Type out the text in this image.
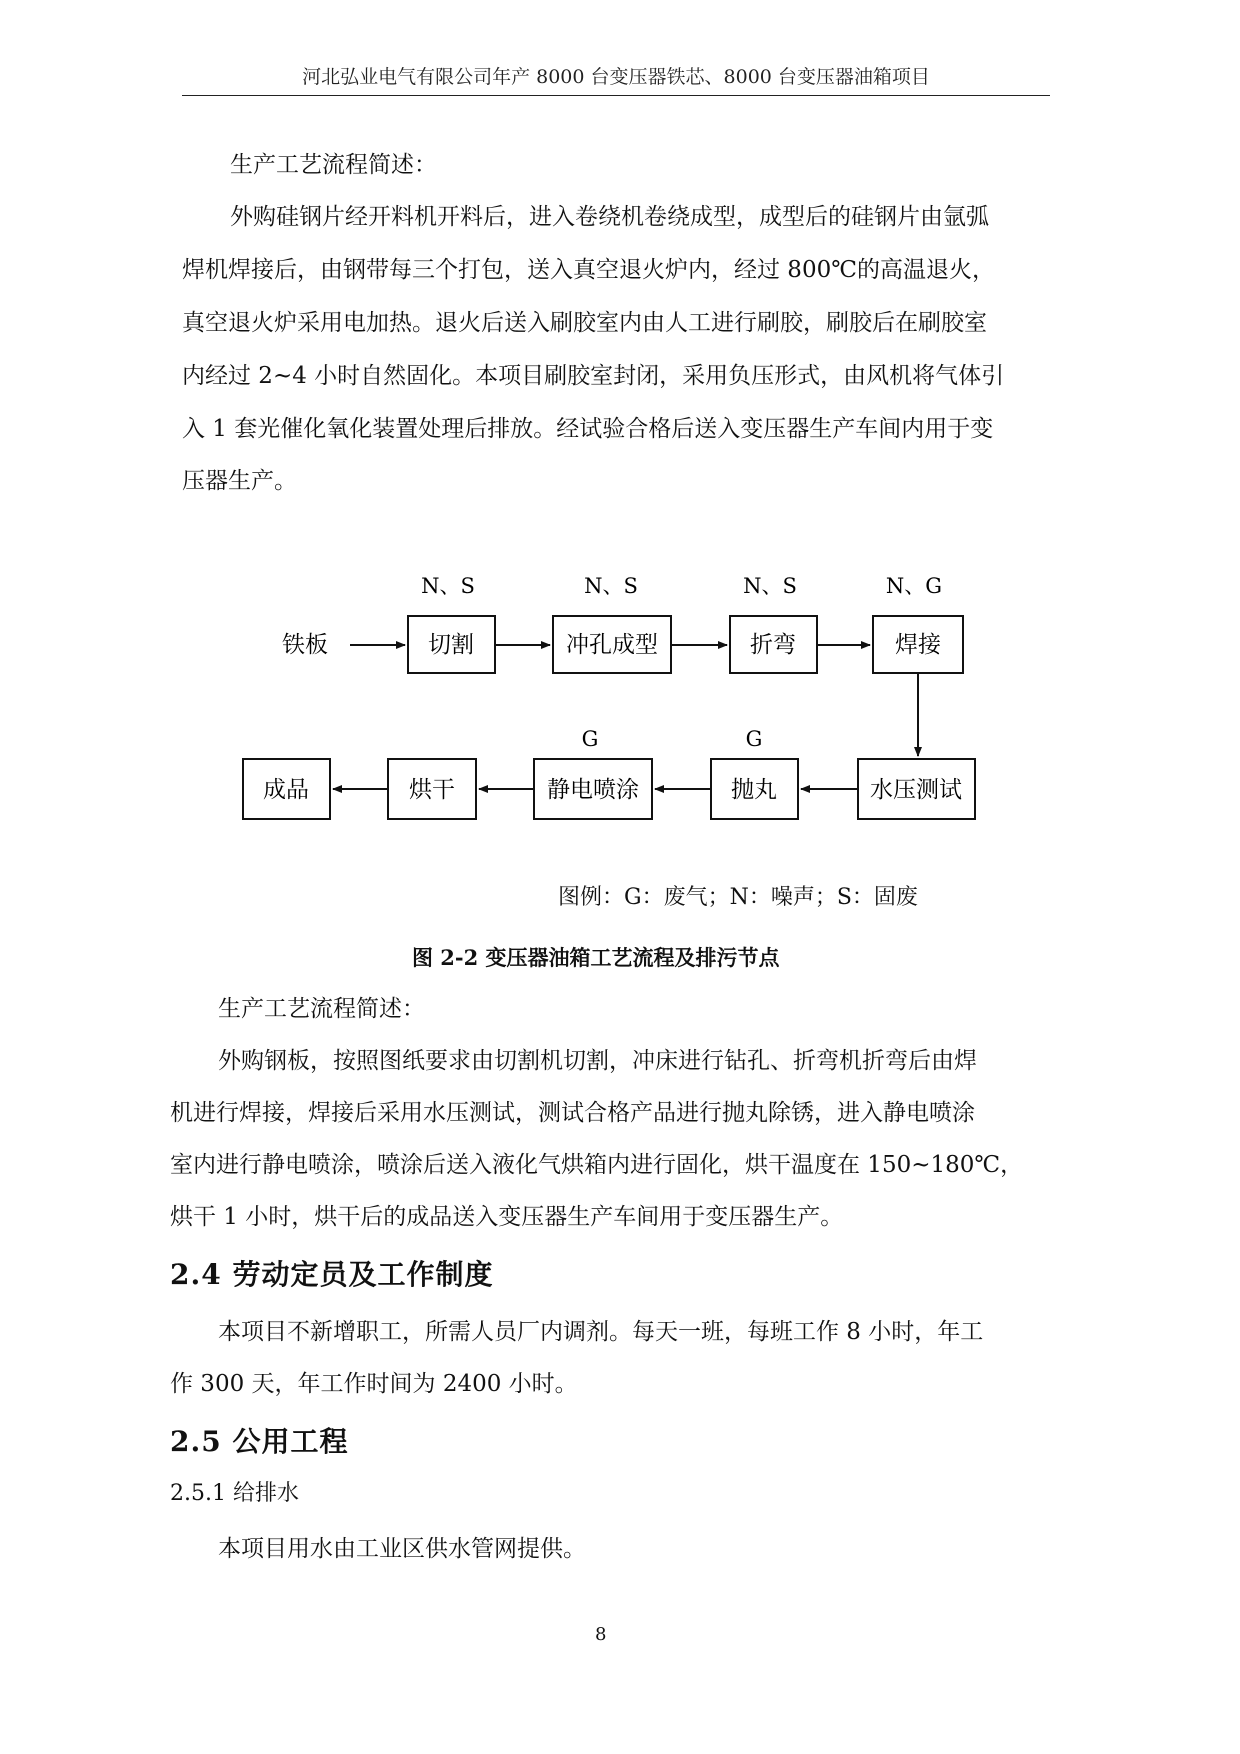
河北弘业电气有限公司年产 8000 台变压器铁芯、8000 台变压器油箱项目
生产工艺流程简述：
外购硅钢片经开料机开料后，进入卷绕机卷绕成型，成型后的硅钢片由氩弧
焊机焊接后，由钢带每三个打包，送入真空退火炉内，经过 800℃的高温退火，
真空退火炉采用电加热。退火后送入刷胶室内由人工进行刷胶，刷胶后在刷胶室
内经过 2~4 小时自然固化。本项目刷胶室封闭，采用负压形式，由风机将气体引
入 1 套光催化氧化装置处理后排放。经试验合格后送入变压器生产车间内用于变
压器生产。
铁板
N、S	N、S	N、S	N、G
切割	冲孔成型	折弯	焊接
G	G
水压测试
抛丸
静电喷涂
烘干
成品
图例：G：废气；N：噪声；S：固废
图 2-2 变压器油箱工艺流程及排污节点
生产工艺流程简述：
外购钢板，按照图纸要求由切割机切割，冲床进行钻孔、折弯机折弯后由焊
机进行焊接，焊接后采用水压测试，测试合格产品进行抛丸除锈，进入静电喷涂
室内进行静电喷涂，喷涂后送入液化气烘箱内进行固化，烘干温度在 150~180℃，
烘干 1 小时，烘干后的成品送入变压器生产车间用于变压器生产。
2.4 劳动定员及工作制度
本项目不新增职工，所需人员厂内调剂。每天一班，每班工作 8 小时，年工
作 300 天，年工作时间为 2400 小时。
2.5 公用工程
2.5.1 给排水
本项目用水由工业区供水管网提供。
8
